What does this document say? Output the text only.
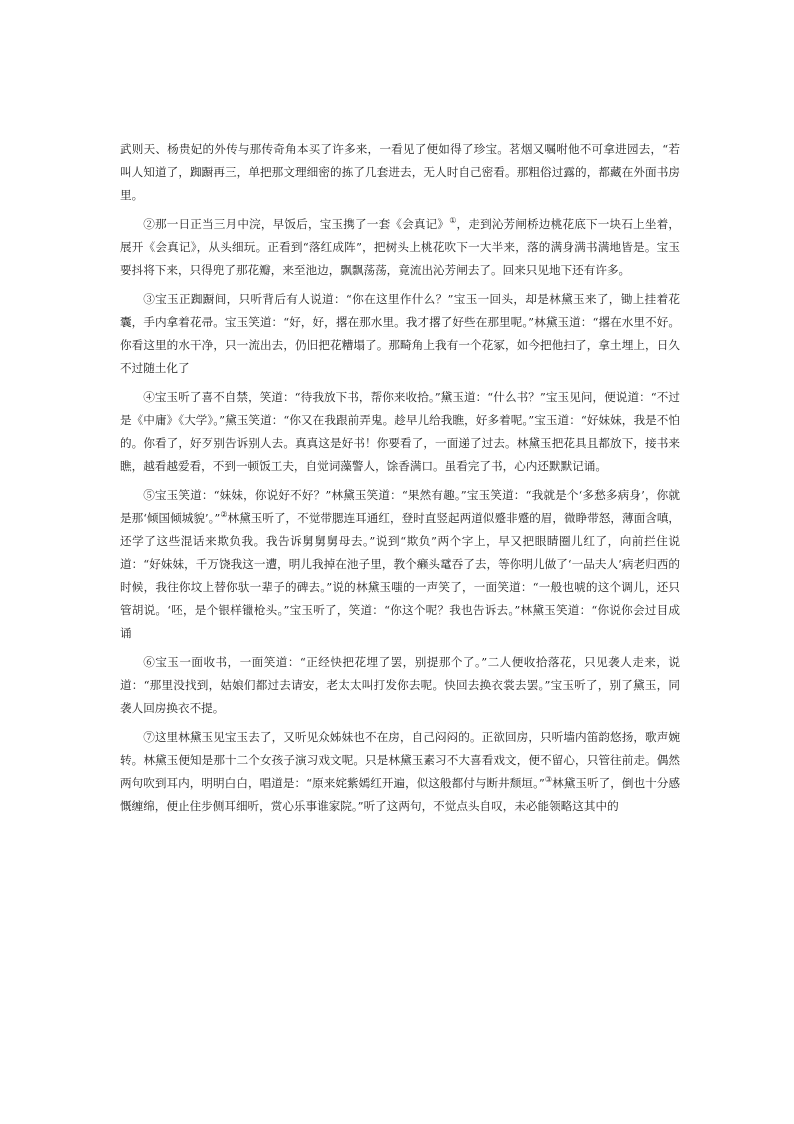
武则天、杨贵妃的外传与那传奇角本买了许多来，一看见了便如得了珍宝。茗烟又嘱咐他不可拿进园去，“若叫人知道了，踟蹰再三，单把那文理细密的拣了几套进去，无人时自己密看。那粗俗过露的，都藏在外面书房里。

②那一日正当三月中浣，早饭后，宝玉携了一套《会真记》①，走到沁芳闸桥边桃花底下一块石上坐着，展开《会真记》，从头细玩。正看到“落红成阵”，把树头上桃花吹下一大半来，落的满身满书满地皆是。宝玉要抖将下来，只得兜了那花瓣，来至池边，飘飘荡荡，竟流出沁芳闸去了。回来只见地下还有许多。

③宝玉正踟蹰间，只听背后有人说道：“你在这里作什么？”宝玉一回头，却是林黛玉来了，锄上挂着花囊，手内拿着花帚。宝玉笑道：“好，好，撂在那水里。我才撂了好些在那里呢。”林黛玉道：“撂在水里不好。你看这里的水干净，只一流出去，仍旧把花糟塌了。那畸角上我有一个花冢，如今把他扫了，拿土埋上，日久不过随土化了

④宝玉听了喜不自禁，笑道：“待我放下书，帮你来收拾。”黛玉道：“什么书？”宝玉见问，便说道：“不过是《中庸》《大学》。”黛玉笑道：“你又在我跟前弄鬼。趁早儿给我瞧，好多着呢。”宝玉道：“好妹妹，我是不怕的。你看了，好歹别告诉别人去。真真这是好书！你要看了，一面递了过去。林黛玉把花具且都放下，接书来瞧，越看越爱看，不到一顿饭工夫，自觉词藻警人，馀香满口。虽看完了书，心内还默默记诵。

⑤宝玉笑道：“妹妹，你说好不好？”林黛玉笑道：“果然有趣。”宝玉笑道：“我就是个‘多愁多病身’，你就是那‘倾国倾城貌’。”②林黛玉听了，不觉带腮连耳通红，登时直竖起两道似蹙非蹙的眉，微睁带怒，薄面含嗔，还学了这些混话来欺负我。我告诉舅舅舅母去。”说到“欺负”两个字上，早又把眼睛圈儿红了，向前拦住说道：“好妹妹，千万饶我这一遭，明儿我掉在池子里，教个癞头鼋吞了去，等你明儿做了‘一品夫人’病老归西的时候，我往你坟上替你驮一辈子的碑去。”说的林黛玉嗤的一声笑了，一面笑道：“一般也唬的这个调儿，还只管胡说。‘呸，是个银样镴枪头。”宝玉听了，笑道：“你这个呢？我也告诉去。”林黛玉笑道：“你说你会过目成诵

⑥宝玉一面收书，一面笑道：“正经快把花埋了罢，别提那个了。”二人便收拾落花，只见袭人走来，说道：“那里没找到，姑娘们都过去请安，老太太叫打发你去呢。快回去换衣裳去罢。”宝玉听了，别了黛玉，同袭人回房换衣不提。

⑦这里林黛玉见宝玉去了，又听见众姊妹也不在房，自己闷闷的。正欲回房，只听墙内笛韵悠扬，歌声婉转。林黛玉便知是那十二个女孩子演习戏文呢。只是林黛玉素习不大喜看戏文，便不留心，只管往前走。偶然两句吹到耳内，明明白白，唱道是：“原来姹紫嫣红开遍，似这般都付与断井颓垣。”③林黛玉听了，倒也十分感慨缠绵，便止住步侧耳细听，赏心乐事谁家院。”听了这两句，不觉点头自叹，未必能领略这其中的
